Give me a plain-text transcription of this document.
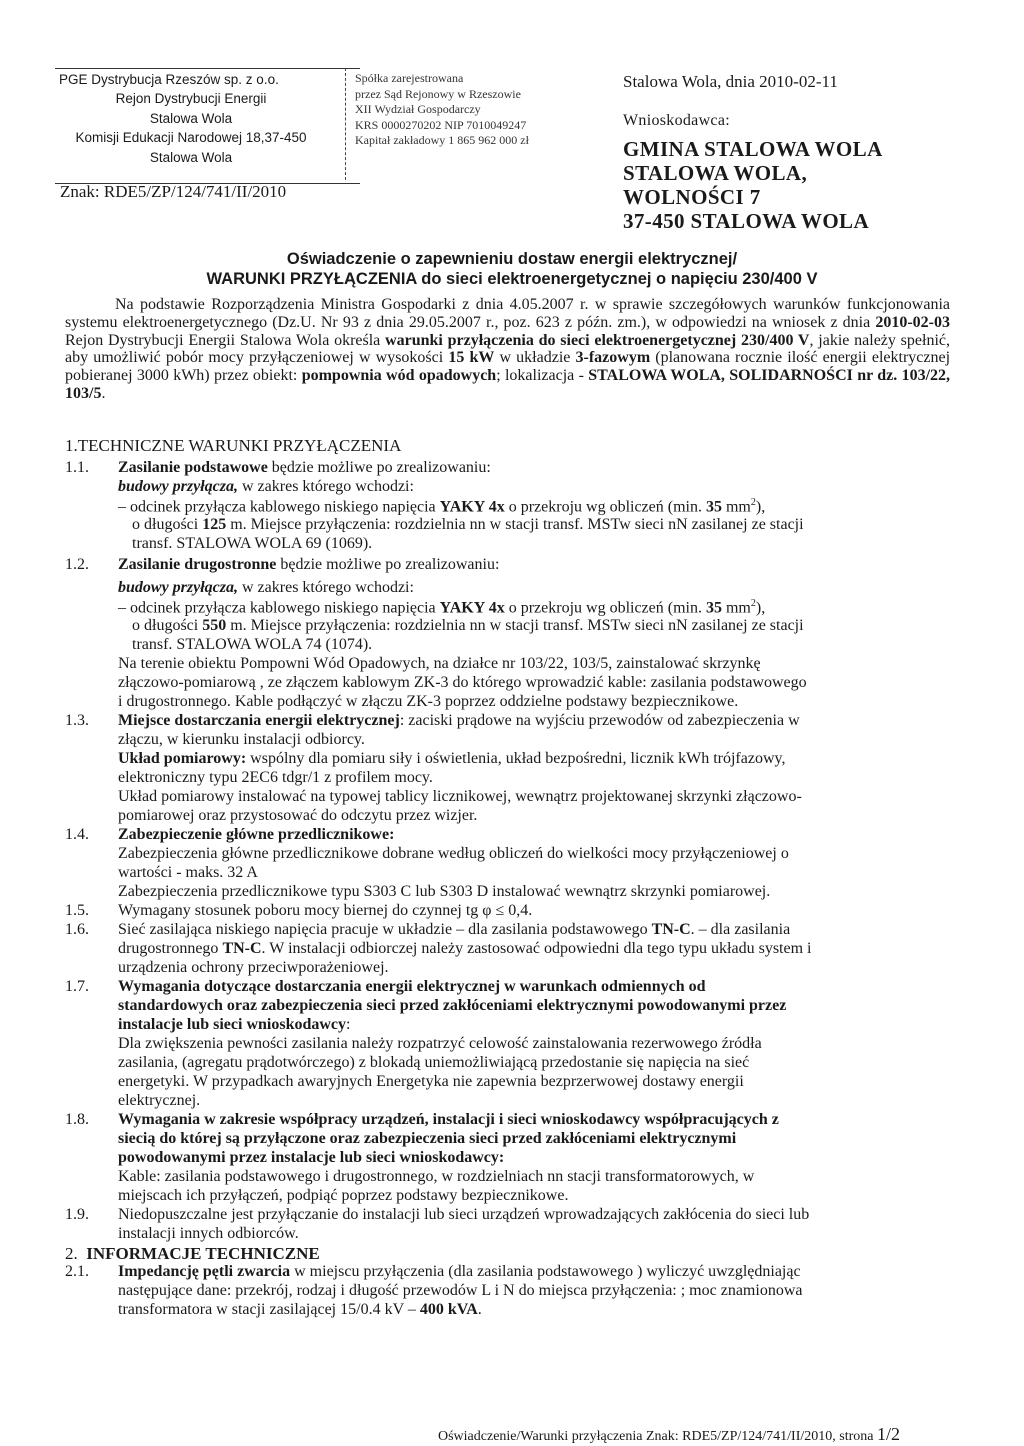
PGE Dystrybucja Rzeszów sp. z o.o.
Rejon Dystrybucji Energii
Stalowa Wola
Komisji Edukacji Narodowej 18,37-450
Stalowa Wola
Spółka zarejestrowana
przez Sąd Rejonowy w Rzeszowie
XII Wydział Gospodarczy
KRS 0000270202 NIP 7010049247
Kapitał zakładowy 1 865 962 000 zł
Znak: RDE5/ZP/124/741/II/2010
Stalowa Wola, dnia 2010-02-11
Wnioskodawca:
GMINA STALOWA WOLA
STALOWA WOLA,
WOLNOŚCI 7
37-450 STALOWA WOLA
Oświadczenie o zapewnieniu dostaw energii elektrycznej/
WARUNKI PRZYŁĄCZENIA do sieci elektroenergetycznej o napięciu 230/400 V
Na podstawie Rozporządzenia Ministra Gospodarki z dnia 4.05.2007 r. w sprawie szczegółowych warunków funkcjonowania systemu elektroenergetycznego (Dz.U. Nr 93 z dnia 29.05.2007 r., poz. 623 z późn. zm.), w odpowiedzi na wniosek z dnia 2010-02-03 Rejon Dystrybucji Energii Stalowa Wola określa warunki przyłączenia do sieci elektroenergetycznej 230/400 V, jakie należy spełnić, aby umożliwić pobór mocy przyłączeniowej w wysokości 15 kW w układzie 3-fazowym (planowana rocznie ilość energii elektrycznej pobieranej 3000 kWh) przez obiekt: pompownia wód opadowych; lokalizacja - STALOWA WOLA, SOLIDARNOŚCI nr dz. 103/22, 103/5.
1.TECHNICZNE WARUNKI PRZYŁĄCZENIA
1.1. Zasilanie podstawowe będzie możliwe po zrealizowaniu:
budowy przyłącza, w zakres którego wchodzi:
– odcinek przyłącza kablowego niskiego napięcia YAKY 4x o przekroju wg obliczeń (min. 35 $mm^2$),
o długości 125 m. Miejsce przyłączenia: rozdzielnia nn w stacji transf. MSTw sieci nN zasilanej ze stacji
transf. STALOWA WOLA 69 (1069).
1.2. Zasilanie drugostronne będzie możliwe po zrealizowaniu:
budowy przyłącza, w zakres którego wchodzi:
– odcinek przyłącza kablowego niskiego napięcia YAKY 4x o przekroju wg obliczeń (min. 35 $mm^2$),
o długości 550 m. Miejsce przyłączenia: rozdzielnia nn w stacji transf. MSTw sieci nN zasilanej ze stacji
transf. STALOWA WOLA 74 (1074).
Na terenie obiektu Pompowni Wód Opadowych, na działce nr 103/22, 103/5, zainstalować skrzynkę
złączowo-pomiarową , ze złączem kablowym ZK-3 do którego wprowadzić kable: zasilania podstawowego
i drugostronnego. Kable podłączyć w złączu ZK-3 poprzez oddzielne podstawy bezpiecznikowe.
1.3. Miejsce dostarczania energii elektrycznej: zaciski prądowe na wyjściu przewodów od zabezpieczenia w
złączu, w kierunku instalacji odbiorcy.
Układ pomiarowy: wspólny dla pomiaru siły i oświetlenia, układ bezpośredni, licznik kWh trójfazowy,
elektroniczny typu 2EC6 tdgr/1 z profilem mocy.
Układ pomiarowy instalować na typowej tablicy licznikowej, wewnątrz projektowanej skrzynki złączowo-
pomiarowej oraz przystosować do odczytu przez wizjer.
1.4. Zabezpieczenie główne przedlicznikowe:
Zabezpieczenia główne przedlicznikowe dobrane według obliczeń do wielkości mocy przyłączeniowej o
wartości - maks. 32 A
Zabezpieczenia przedlicznikowe typu S303 C lub S303 D instalować wewnątrz skrzynki pomiarowej.
1.5. Wymagany stosunek poboru mocy biernej do czynnej tg φ ≤ 0,4.
1.6. Sieć zasilająca niskiego napięcia pracuje w układzie – dla zasilania podstawowego TN-C. – dla zasilania
drugostronnego TN-C. W instalacji odbiorczej należy zastosować odpowiedni dla tego typu układu system i
urządzenia ochrony przeciwporażeniowej.
1.7. Wymagania dotyczące dostarczania energii elektrycznej w warunkach odmiennych od
standardowych oraz zabezpieczenia sieci przed zakłóceniami elektrycznymi powodowanymi przez
instalacje lub sieci wnioskodawcy:
Dla zwiększenia pewności zasilania należy rozpatrzyć celowość zainstalowania rezerwowego źródła
zasilania, (agregatu prądotwórczego) z blokadą uniemożliwiającą przedostanie się napięcia na sieć
energetyki. W przypadkach awaryjnych Energetyka nie zapewnia bezprzerwowej dostawy energii
elektrycznej.
1.8. Wymagania w zakresie współpracy urządzeń, instalacji i sieci wnioskodawcy współpracujących z
siecią do której są przyłączone oraz zabezpieczenia sieci przed zakłóceniami elektrycznymi
powodowanymi przez instalacje lub sieci wnioskodawcy:
Kable: zasilania podstawowego i drugostronnego, w rozdzielniach nn stacji transformatorowych, w
miejscach ich przyłączeń, podpiąć poprzez podstawy bezpiecznikowe.
1.9. Niedopuszczalne jest przyłączanie do instalacji lub sieci urządzeń wprowadzających zakłócenia do sieci lub
instalacji innych odbiorców.
2. INFORMACJE TECHNICZNE
2.1. Impedancję pętli zwarcia w miejscu przyłączenia (dla zasilania podstawowego ) wyliczyć uwzględniając
następujące dane: przekrój, rodzaj i długość przewodów L i N do miejsca przyłączenia: ; moc znamionowa
transformatora w stacji zasilającej 15/0.4 kV – 400 kVA.
Oświadczenie/Warunki przyłączenia Znak: RDE5/ZP/124/741/II/2010, strona 1/2
